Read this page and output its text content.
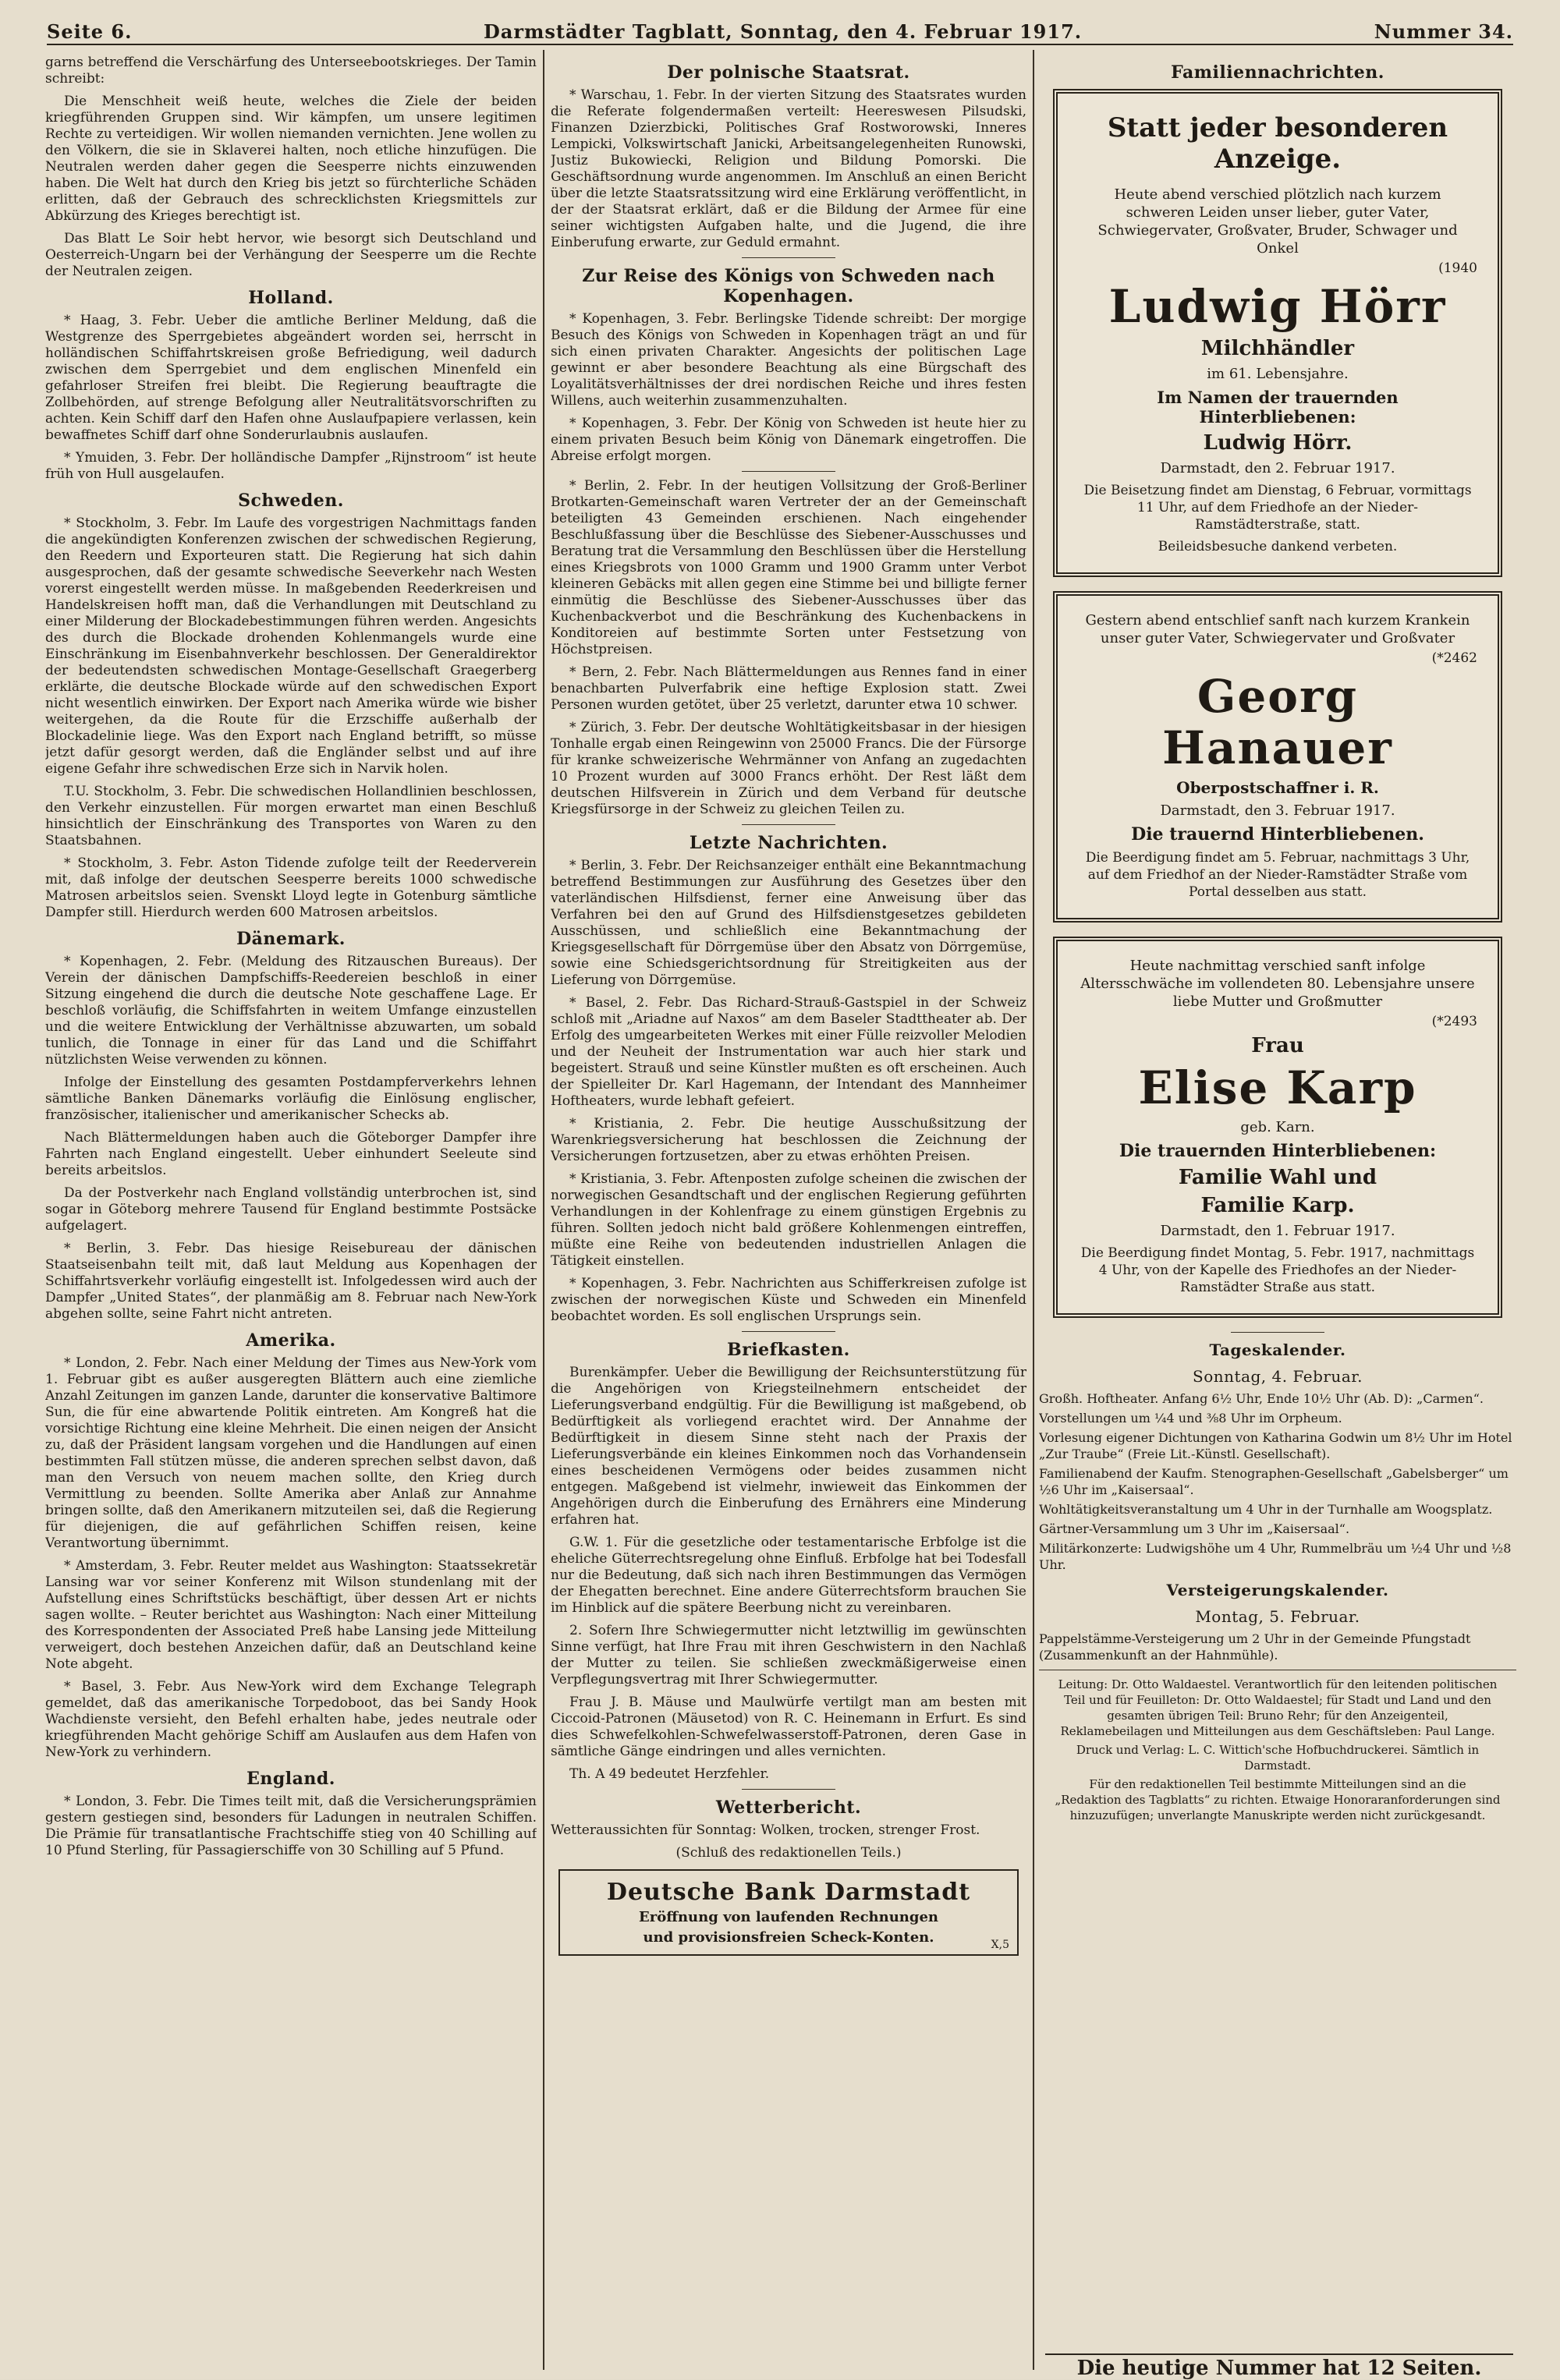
Seite 6.	Darmstädter Tagblatt, Sonntag, den 4. Februar 1917.	Nummer 34.

garns betreffend die Verschärfung des Unterseebootskrieges. Der Tamin schreibt:

Die Menschheit weiß heute, welches die Ziele der beiden kriegführenden Gruppen sind. Wir kämpfen, um unsere legitimen Rechte zu verteidigen. Wir wollen niemanden vernichten. Jene wollen zu den Völkern, die sie in Sklaverei halten, noch etliche hinzufügen. Die Neutralen werden daher gegen die Seesperre nichts einzuwenden haben. Die Welt hat durch den Krieg bis jetzt so fürchterliche Schäden erlitten, daß der Gebrauch des schrecklichsten Kriegsmittels zur Abkürzung des Krieges berechtigt ist.

Das Blatt Le Soir hebt hervor, wie besorgt sich Deutschland und Oesterreich-Ungarn bei der Verhängung der Seesperre um die Rechte der Neutralen zeigen.

Holland.

* Haag, 3. Febr. Ueber die amtliche Berliner Meldung, daß die Westgrenze des Sperrgebietes abgeändert worden sei, herrscht in holländischen Schiffahrtskreisen große Befriedigung, weil dadurch zwischen dem Sperrgebiet und dem englischen Minenfeld ein gefahrloser Streifen frei bleibt. Die Regierung beauftragte die Zollbehörden, auf strenge Befolgung aller Neutralitätsvorschriften zu achten. Kein Schiff darf den Hafen ohne Auslaufpapiere verlassen, kein bewaffnetes Schiff darf ohne Sonderurlaubnis auslaufen.

* Ymuiden, 3. Febr. Der holländische Dampfer „Rijnstroom“ ist heute früh von Hull ausgelaufen.

Schweden.

* Stockholm, 3. Febr. Im Laufe des vorgestrigen Nachmittags fanden die angekündigten Konferenzen zwischen der schwedischen Regierung, den Reedern und Exporteuren statt. Die Regierung hat sich dahin ausgesprochen, daß der gesamte schwedische Seeverkehr nach Westen vorerst eingestellt werden müsse. In maßgebenden Reederkreisen und Handelskreisen hofft man, daß die Verhandlungen mit Deutschland zu einer Milderung der Blockadebestimmungen führen werden. Angesichts des durch die Blockade drohenden Kohlenmangels wurde eine Einschränkung im Eisenbahnverkehr beschlossen. Der Generaldirektor der bedeutendsten schwedischen Montage-Gesellschaft Graegerberg erklärte, die deutsche Blockade würde auf den schwedischen Export nicht wesentlich einwirken. Der Export nach Amerika würde wie bisher weitergehen, da die Route für die Erzschiffe außerhalb der Blockadelinie liege. Was den Export nach England betrifft, so müsse jetzt dafür gesorgt werden, daß die Engländer selbst und auf ihre eigene Gefahr ihre schwedischen Erze sich in Narvik holen.

T.U. Stockholm, 3. Febr. Die schwedischen Hollandlinien beschlossen, den Verkehr einzustellen. Für morgen erwartet man einen Beschluß hinsichtlich der Einschränkung des Transportes von Waren zu den Staatsbahnen.

* Stockholm, 3. Febr. Aston Tidende zufolge teilt der Reederverein mit, daß infolge der deutschen Seesperre bereits 1000 schwedische Matrosen arbeitslos seien. Svenskt Lloyd legte in Gotenburg sämtliche Dampfer still. Hierdurch werden 600 Matrosen arbeitslos.

Dänemark.

* Kopenhagen, 2. Febr. (Meldung des Ritzauschen Bureaus). Der Verein der dänischen Dampfschiffs-Reedereien beschloß in einer Sitzung eingehend die durch die deutsche Note geschaffene Lage. Er beschloß vorläufig, die Schiffsfahrten in weitem Umfange einzustellen und die weitere Entwicklung der Verhältnisse abzuwarten, um sobald tunlich, die Tonnage in einer für das Land und die Schiffahrt nützlichsten Weise verwenden zu können.

Infolge der Einstellung des gesamten Postdampferverkehrs lehnen sämtliche Banken Dänemarks vorläufig die Einlösung englischer, französischer, italienischer und amerikanischer Schecks ab.

Nach Blättermeldungen haben auch die Göteborger Dampfer ihre Fahrten nach England eingestellt. Ueber einhundert Seeleute sind bereits arbeitslos.

Da der Postverkehr nach England vollständig unterbrochen ist, sind sogar in Göteborg mehrere Tausend für England bestimmte Postsäcke aufgelagert.

* Berlin, 3. Febr. Das hiesige Reisebureau der dänischen Staatseisenbahn teilt mit, daß laut Meldung aus Kopenhagen der Schiffahrtsverkehr vorläufig eingestellt ist. Infolgedessen wird auch der Dampfer „United States“, der planmäßig am 8. Februar nach New-York abgehen sollte, seine Fahrt nicht antreten.

Amerika.

* London, 2. Febr. Nach einer Meldung der Times aus New-York vom 1. Februar gibt es außer ausgeregten Blättern auch eine ziemliche Anzahl Zeitungen im ganzen Lande, darunter die konservative Baltimore Sun, die für eine abwartende Politik eintreten. Am Kongreß hat die vorsichtige Richtung eine kleine Mehrheit. Die einen neigen der Ansicht zu, daß der Präsident langsam vorgehen und die Handlungen auf einen bestimmten Fall stützen müsse, die anderen sprechen selbst davon, daß man den Versuch von neuem machen sollte, den Krieg durch Vermittlung zu beenden. Sollte Amerika aber Anlaß zur Annahme bringen sollte, daß den Amerikanern mitzuteilen sei, daß die Regierung für diejenigen, die auf gefährlichen Schiffen reisen, keine Verantwortung übernimmt.

* Amsterdam, 3. Febr. Reuter meldet aus Washington: Staatssekretär Lansing war vor seiner Konferenz mit Wilson stundenlang mit der Aufstellung eines Schriftstücks beschäftigt, über dessen Art er nichts sagen wollte. – Reuter berichtet aus Washington: Nach einer Mitteilung des Korrespondenten der Associated Preß habe Lansing jede Mitteilung verweigert, doch bestehen Anzeichen dafür, daß an Deutschland keine Note abgeht.

* Basel, 3. Febr. Aus New-York wird dem Exchange Telegraph gemeldet, daß das amerikanische Torpedoboot, das bei Sandy Hook Wachdienste versieht, den Befehl erhalten habe, jedes neutrale oder kriegführenden Macht gehörige Schiff am Auslaufen aus dem Hafen von New-York zu verhindern.

England.

* London, 3. Febr. Die Times teilt mit, daß die Versicherungsprämien gestern gestiegen sind, besonders für Ladungen in neutralen Schiffen. Die Prämie für transatlantische Frachtschiffe stieg von 40 Schilling auf 10 Pfund Sterling, für Passagierschiffe von 30 Schilling auf 5 Pfund.

Der polnische Staatsrat.

* Warschau, 1. Febr. In der vierten Sitzung des Staatsrates wurden die Referate folgendermaßen verteilt: Heereswesen Pilsudski, Finanzen Dzierzbicki, Politisches Graf Rostworowski, Inneres Lempicki, Volkswirtschaft Janicki, Arbeitsangelegenheiten Runowski, Justiz Bukowiecki, Religion und Bildung Pomorski. Die Geschäftsordnung wurde angenommen. Im Anschluß an einen Bericht über die letzte Staatsratssitzung wird eine Erklärung veröffentlicht, in der der Staatsrat erklärt, daß er die Bildung der Armee für eine seiner wichtigsten Aufgaben halte, und die Jugend, die ihre Einberufung erwarte, zur Geduld ermahnt.

Zur Reise des Königs von Schweden nach Kopenhagen.

* Kopenhagen, 3. Febr. Berlingske Tidende schreibt: Der morgige Besuch des Königs von Schweden in Kopenhagen trägt an und für sich einen privaten Charakter. Angesichts der politischen Lage gewinnt er aber besondere Beachtung als eine Bürgschaft des Loyalitätsverhältnisses der drei nordischen Reiche und ihres festen Willens, auch weiterhin zusammenzuhalten.

* Kopenhagen, 3. Febr. Der König von Schweden ist heute hier zu einem privaten Besuch beim König von Dänemark eingetroffen. Die Abreise erfolgt morgen.

* Berlin, 2. Febr. In der heutigen Vollsitzung der Groß-Berliner Brotkarten-Gemeinschaft waren Vertreter der an der Gemeinschaft beteiligten 43 Gemeinden erschienen. Nach eingehender Beschlußfassung über die Beschlüsse des Siebener-Ausschusses und Beratung trat die Versammlung den Beschlüssen über die Herstellung eines Kriegsbrots von 1000 Gramm und 1900 Gramm unter Verbot kleineren Gebäcks mit allen gegen eine Stimme bei und billigte ferner einmütig die Beschlüsse des Siebener-Ausschusses über das Kuchenbackverbot und die Beschränkung des Kuchenbackens in Konditoreien auf bestimmte Sorten unter Festsetzung von Höchstpreisen.

* Bern, 2. Febr. Nach Blättermeldungen aus Rennes fand in einer benachbarten Pulverfabrik eine heftige Explosion statt. Zwei Personen wurden getötet, über 25 verletzt, darunter etwa 10 schwer.

* Zürich, 3. Febr. Der deutsche Wohltätigkeitsbasar in der hiesigen Tonhalle ergab einen Reingewinn von 25000 Francs. Die der Fürsorge für kranke schweizerische Wehrmänner von Anfang an zugedachten 10 Prozent wurden auf 3000 Francs erhöht. Der Rest läßt dem deutschen Hilfsverein in Zürich und dem Verband für deutsche Kriegsfürsorge in der Schweiz zu gleichen Teilen zu.

Letzte Nachrichten.

* Berlin, 3. Febr. Der Reichsanzeiger enthält eine Bekanntmachung betreffend Bestimmungen zur Ausführung des Gesetzes über den vaterländischen Hilfsdienst, ferner eine Anweisung über das Verfahren bei den auf Grund des Hilfsdienstgesetzes gebildeten Ausschüssen, und schließlich eine Bekanntmachung der Kriegsgesellschaft für Dörrgemüse über den Absatz von Dörrgemüse, sowie eine Schiedsgerichtsordnung für Streitigkeiten aus der Lieferung von Dörrgemüse.

* Basel, 2. Febr. Das Richard-Strauß-Gastspiel in der Schweiz schloß mit „Ariadne auf Naxos“ am dem Baseler Stadttheater ab. Der Erfolg des umgearbeiteten Werkes mit einer Fülle reizvoller Melodien und der Neuheit der Instrumentation war auch hier stark und begeistert. Strauß und seine Künstler mußten es oft erscheinen. Auch der Spielleiter Dr. Karl Hagemann, der Intendant des Mannheimer Hoftheaters, wurde lebhaft gefeiert.

* Kristiania, 2. Febr. Die heutige Ausschußsitzung der Warenkriegsversicherung hat beschlossen die Zeichnung der Versicherungen fortzusetzen, aber zu etwas erhöhten Preisen.

* Kristiania, 3. Febr. Aftenposten zufolge scheinen die zwischen der norwegischen Gesandtschaft und der englischen Regierung geführten Verhandlungen in der Kohlenfrage zu einem günstigen Ergebnis zu führen. Sollten jedoch nicht bald größere Kohlenmengen eintreffen, müßte eine Reihe von bedeutenden industriellen Anlagen die Tätigkeit einstellen.

* Kopenhagen, 3. Febr. Nachrichten aus Schifferkreisen zufolge ist zwischen der norwegischen Küste und Schweden ein Minenfeld beobachtet worden. Es soll englischen Ursprungs sein.

Briefkasten.

Burenkämpfer. Ueber die Bewilligung der Reichsunterstützung für die Angehörigen von Kriegsteilnehmern entscheidet der Lieferungsverband endgültig. Für die Bewilligung ist maßgebend, ob Bedürftigkeit als vorliegend erachtet wird. Der Annahme der Bedürftigkeit in diesem Sinne steht nach der Praxis der Lieferungsverbände ein kleines Einkommen noch das Vorhandensein eines bescheidenen Vermögens oder beides zusammen nicht entgegen. Maßgebend ist vielmehr, inwieweit das Einkommen der Angehörigen durch die Einberufung des Ernährers eine Minderung erfahren hat.

G.W. 1. Für die gesetzliche oder testamentarische Erbfolge ist die eheliche Güterrechtsregelung ohne Einfluß. Erbfolge hat bei Todesfall nur die Bedeutung, daß sich nach ihren Bestimmungen das Vermögen der Ehegatten berechnet. Eine andere Güterrechtsform brauchen Sie im Hinblick auf die spätere Beerbung nicht zu vereinbaren.

2. Sofern Ihre Schwiegermutter nicht letztwillig im gewünschten Sinne verfügt, hat Ihre Frau mit ihren Geschwistern in den Nachlaß der Mutter zu teilen. Sie schließen zweckmäßigerweise einen Verpflegungsvertrag mit Ihrer Schwiegermutter.

Frau J. B. Mäuse und Maulwürfe vertilgt man am besten mit Ciccoid-Patronen (Mäusetod) von R. C. Heinemann in Erfurt. Es sind dies Schwefelkohlen-Schwefelwasserstoff-Patronen, deren Gase in sämtliche Gänge eindringen und alles vernichten.

Th. A 49 bedeutet Herzfehler.

Wetterbericht.

Wetteraussichten für Sonntag: Wolken, trocken, strenger Frost.

(Schluß des redaktionellen Teils.)

Deutsche Bank Darmstadt
Eröffnung von laufenden Rechnungen
und provisionsfreien Scheck-Konten.	X,5
Familiennachrichten.
Statt jeder besonderen Anzeige.
Heute abend verschied plötzlich nach kurzem schweren Leiden unser lieber, guter Vater, Schwiegervater, Großvater, Bruder, Schwager und Onkel
(1940
Ludwig Hörr
Milchhändler
im 61. Lebensjahre.
Im Namen der trauernden Hinterbliebenen:
Ludwig Hörr.
Darmstadt, den 2. Februar 1917.
Die Beisetzung findet am Dienstag, 6 Februar, vormittags 11 Uhr, auf dem Friedhofe an der Nieder-Ramstädterstraße, statt.
Beileidsbesuche dankend verbeten.
Gestern abend entschlief sanft nach kurzem Krankein unser guter Vater, Schwiegervater und Großvater
(*2462
Georg Hanauer
Oberpostschaffner i. R.
Darmstadt, den 3. Februar 1917.
Die trauernd Hinterbliebenen.
Die Beerdigung findet am 5. Februar, nachmittags 3 Uhr, auf dem Friedhof an der Nieder-Ramstädter Straße vom Portal desselben aus statt.
Heute nachmittag verschied sanft infolge Altersschwäche im vollendeten 80. Lebensjahre unsere liebe Mutter und Großmutter
(*2493
Frau
Elise Karp
geb. Karn.
Die trauernden Hinterbliebenen:
Familie Wahl und
Familie Karp.
Darmstadt, den 1. Februar 1917.
Die Beerdigung findet Montag, 5. Febr. 1917, nachmittags 4 Uhr, von der Kapelle des Friedhofes an der Nieder-Ramstädter Straße aus statt.
Tageskalender.
Sonntag, 4. Februar.

Großh. Hoftheater. Anfang 6½ Uhr, Ende 10½ Uhr (Ab. D): „Carmen“.

Vorstellungen um ¼4 und ⅜8 Uhr im Orpheum.

Vorlesung eigener Dichtungen von Katharina Godwin um 8½ Uhr im Hotel „Zur Traube“ (Freie Lit.-Künstl. Gesellschaft).

Familienabend der Kaufm. Stenographen-Gesellschaft „Gabelsberger“ um ½6 Uhr im „Kaisersaal“.

Wohltätigkeitsveranstaltung um 4 Uhr in der Turnhalle am Woogsplatz.

Gärtner-Versammlung um 3 Uhr im „Kaisersaal“.

Militärkonzerte: Ludwigshöhe um 4 Uhr, Rummelbräu um ½4 Uhr und ½8 Uhr.

Versteigerungskalender.
Montag, 5. Februar.

Pappelstämme-Versteigerung um 2 Uhr in der Gemeinde Pfungstadt (Zusammenkunft an der Hahnmühle).

Leitung: Dr. Otto Waldaestel. Verantwortlich für den leitenden politischen Teil und für Feuilleton: Dr. Otto Waldaestel; für Stadt und Land und den gesamten übrigen Teil: Bruno Rehr; für den Anzeigenteil, Reklamebeilagen und Mitteilungen aus dem Geschäftsleben: Paul Lange.

Druck und Verlag: L. C. Wittich'sche Hofbuchdruckerei. Sämtlich in Darmstadt.

Für den redaktionellen Teil bestimmte Mitteilungen sind an die „Redaktion des Tagblatts“ zu richten. Etwaige Honoraranforderungen sind hinzuzufügen; unverlangte Manuskripte werden nicht zurückgesandt.

Die heutige Nummer hat 12 Seiten.
